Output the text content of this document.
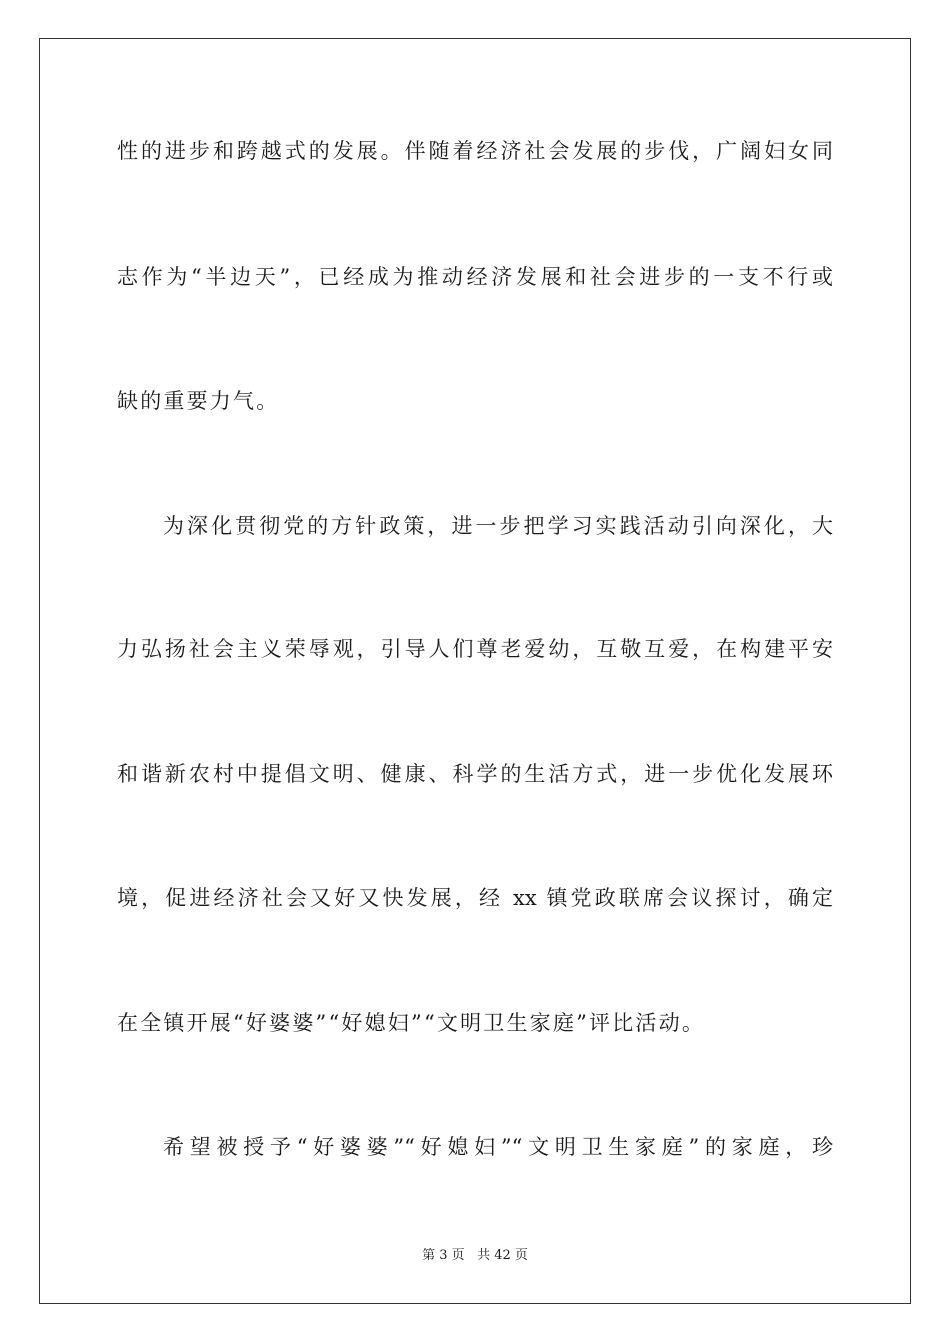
性的进步和跨越式的发展。伴随着经济社会发展的步伐，广阔妇女同
志作为“半边天”，已经成为推动经济发展和社会进步的一支不行或
缺的重要力气。
为深化贯彻党的方针政策，进一步把学习实践活动引向深化，大
力弘扬社会主义荣辱观，引导人们尊老爱幼，互敬互爱，在构建平安
和谐新农村中提倡文明、健康、科学的生活方式，进一步优化发展环
境，促进经济社会又好又快发展，经 xx 镇党政联席会议探讨，确定
在全镇开展“好婆婆”“好媳妇”“文明卫生家庭”评比活动。
希望被授予“好婆婆”“好媳妇”“文明卫生家庭”的家庭，珍
第 3 页 共 42 页
